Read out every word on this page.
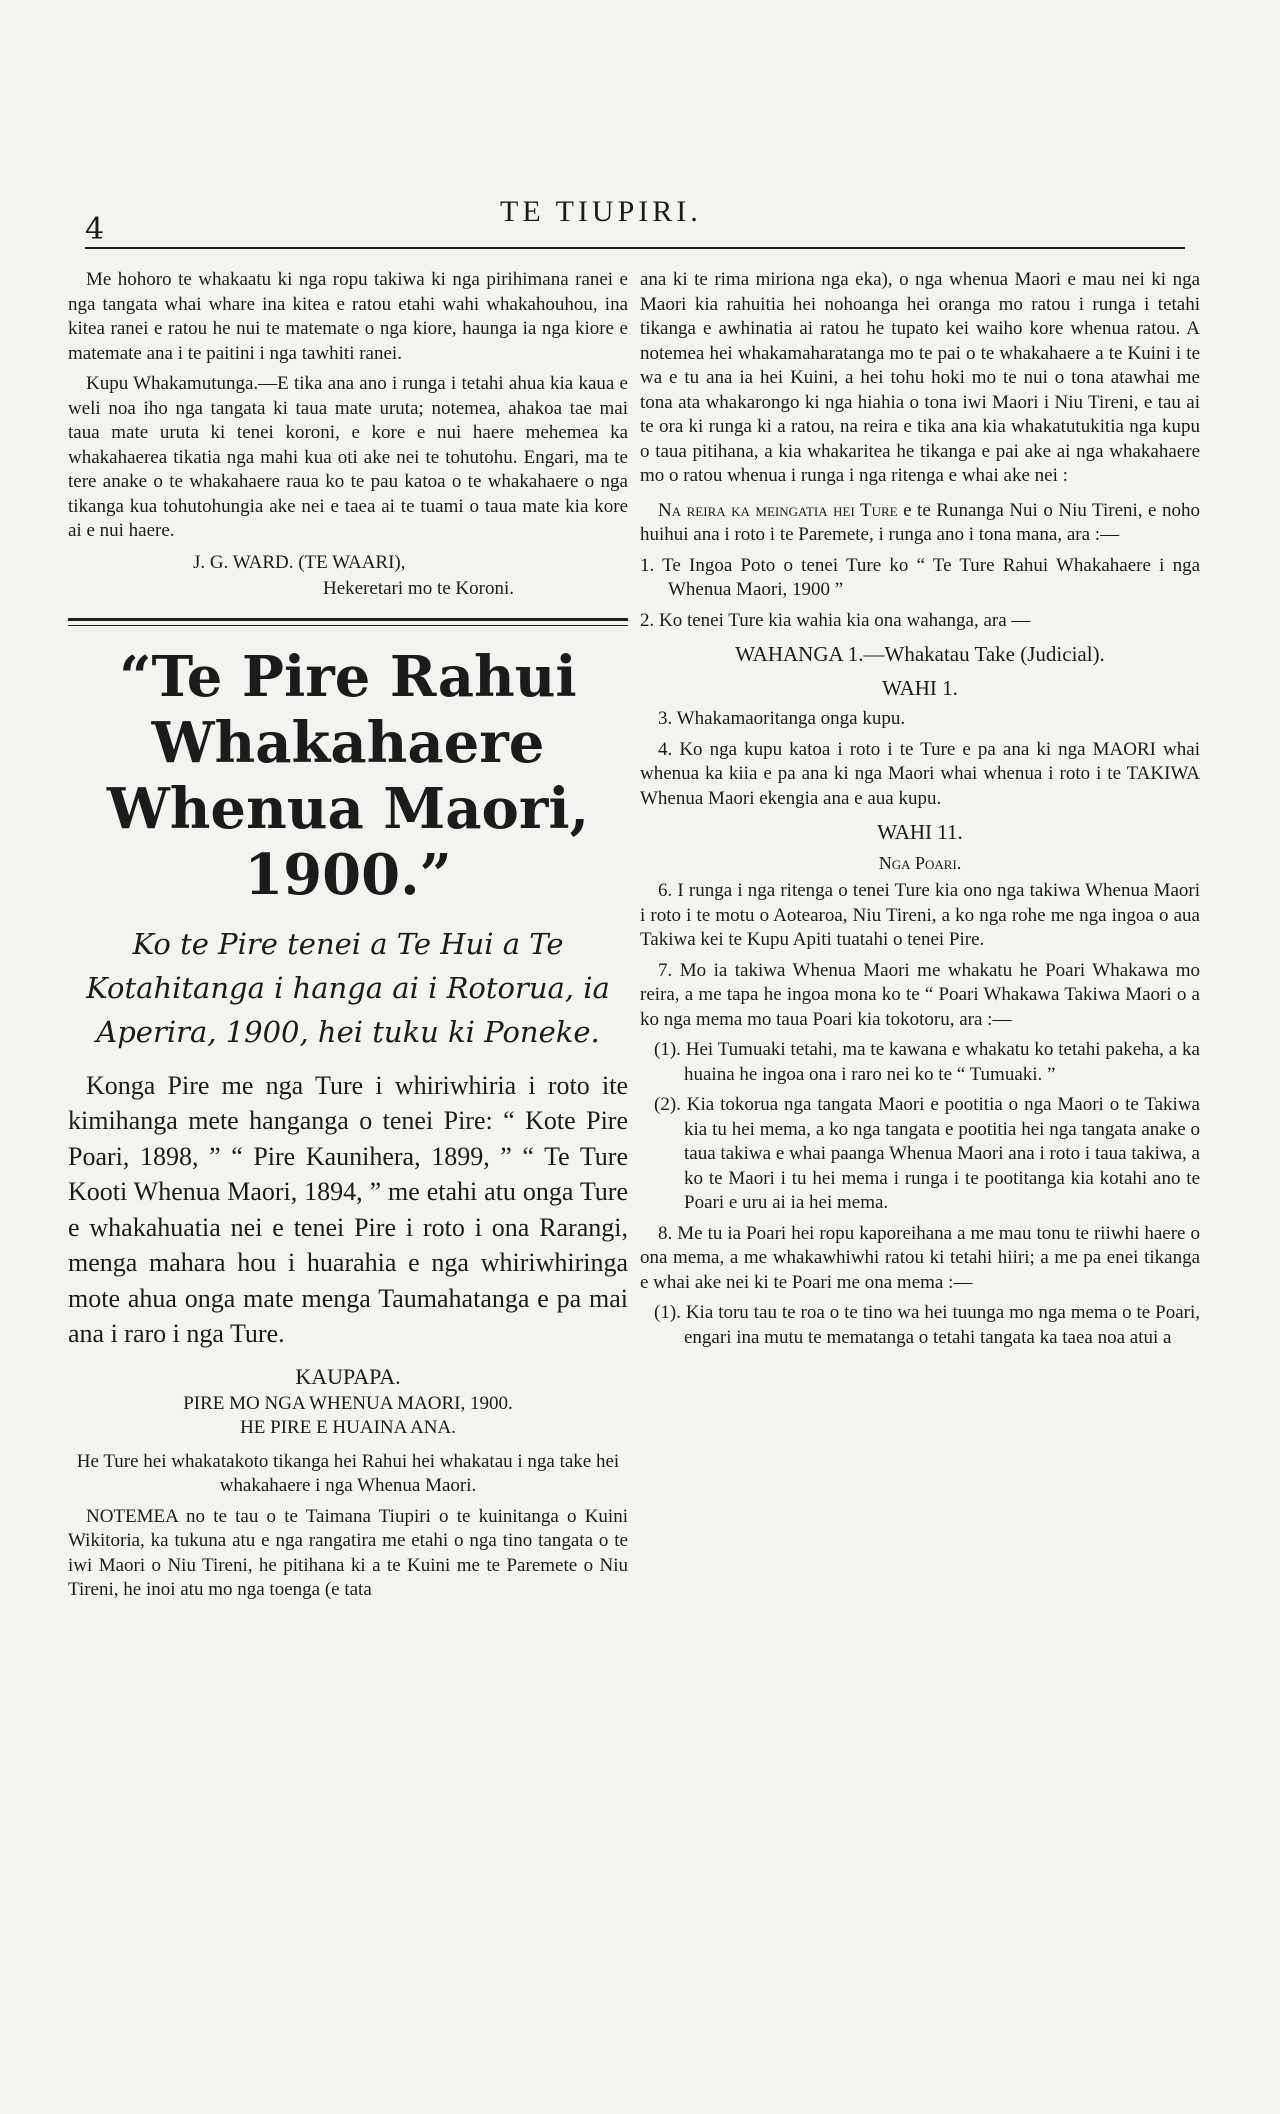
4
TE TIUPIRI.

Me hohoro te whakaatu ki nga ropu takiwa ki nga pirihimana ranei e nga tangata whai whare ina kitea e ratou etahi wahi whakahouhou, ina kitea ranei e ratou he nui te matemate o nga kiore, haunga ia nga kiore e matemate ana i te paitini i nga tawhiti ranei.

Kupu Whakamutunga.—E tika ana ano i runga i tetahi ahua kia kaua e weli noa iho nga tangata ki taua mate uruta; notemea, ahakoa tae mai taua mate uruta ki tenei koroni, e kore e nui haere mehemea ka whakahaerea tikatia nga mahi kua oti ake nei te tohutohu. Engari, ma te tere anake o te whakahaere raua ko te pau katoa o te whakahaere o nga tikanga kua tohutohungia ake nei e taea ai te tuami o taua mate kia kore ai e nui haere.

J. G. WARD. (TE WAARI),
Hekeretari mo te Koroni.
“Te Pire Rahui Whakahaere Whenua Maori, 1900.”
Ko te Pire tenei a Te Hui a Te Kotahitanga i hanga ai i Rotorua, ia Aperira, 1900, hei tuku ki Poneke.

Konga Pire me nga Ture i whiriwhiria i roto ite kimihanga mete hanganga o tenei Pire: “ Kote Pire Poari, 1898, ” “ Pire Kaunihera, 1899, ” “ Te Ture Kooti Whenua Maori, 1894, ” me etahi atu onga Ture e whakahuatia nei e tenei Pire i roto i ona Rarangi, menga mahara hou i huarahia e nga whiriwhiringa mote ahua onga mate menga Taumahatanga e pa mai ana i raro i nga Ture.

KAUPAPA.
PIRE MO NGA WHENUA MAORI, 1900.
HE PIRE E HUAINA ANA.

He Ture hei whakatakoto tikanga hei Rahui hei whakatau i nga take hei whakahaere i nga Whenua Maori.

NOTEMEA no te tau o te Taimana Tiupiri o te kuinitanga o Kuini Wikitoria, ka tukuna atu e nga rangatira me etahi o nga tino tangata o te iwi Maori o Niu Tireni, he pitihana ki a te Kuini me te Paremete o Niu Tireni, he inoi atu mo nga toenga (e tata

ana ki te rima miriona nga eka), o nga whenua Maori e mau nei ki nga Maori kia rahuitia hei nohoanga hei oranga mo ratou i runga i tetahi tikanga e awhinatia ai ratou he tupato kei waiho kore whenua ratou. A notemea hei whakamaharatanga mo te pai o te whakahaere a te Kuini i te wa e tu ana ia hei Kuini, a hei tohu hoki mo te nui o tona atawhai me tona ata whakarongo ki nga hiahia o tona iwi Maori i Niu Tireni, e tau ai te ora ki runga ki a ratou, na reira e tika ana kia whakatutukitia nga kupu o taua pitihana, a kia whakaritea he tikanga e pai ake ai nga whakahaere mo o ratou whenua i runga i nga ritenga e whai ake nei :

Na reira ka meingatia hei Ture e te Runanga Nui o Niu Tireni, e noho huihui ana i roto i te Paremete, i runga ano i tona mana, ara :—

1. Te Ingoa Poto o tenei Ture ko “ Te Ture Rahui Whakahaere i nga Whenua Maori, 1900 ”

2. Ko tenei Ture kia wahia kia ona wahanga, ara —

WAHANGA 1.—Whakatau Take (Judicial).
WAHI 1.

3. Whakamaoritanga onga kupu.

4. Ko nga kupu katoa i roto i te Ture e pa ana ki nga MAORI whai whenua ka kiia e pa ana ki nga Maori whai whenua i roto i te TAKIWA Whenua Maori ekengia ana e aua kupu.

WAHI 11.
Nga Poari.

6. I runga i nga ritenga o tenei Ture kia ono nga takiwa Whenua Maori i roto i te motu o Aotearoa, Niu Tireni, a ko nga rohe me nga ingoa o aua Takiwa kei te Kupu Apiti tuatahi o tenei Pire.

7. Mo ia takiwa Whenua Maori me whakatu he Poari Whakawa mo reira, a me tapa he ingoa mona ko te “ Poari Whakawa Takiwa Maori o a ko nga mema mo taua Poari kia tokotoru, ara :—

(1). Hei Tumuaki tetahi, ma te kawana e whakatu ko tetahi pakeha, a ka huaina he ingoa ona i raro nei ko te “ Tumuaki. ”

(2). Kia tokorua nga tangata Maori e pootitia o nga Maori o te Takiwa kia tu hei mema, a ko nga tangata e pootitia hei nga tangata anake o taua takiwa e whai paanga Whenua Maori ana i roto i taua takiwa, a ko te Maori i tu hei mema i runga i te pootitanga kia kotahi ano te Poari e uru ai ia hei mema.

8. Me tu ia Poari hei ropu kaporeihana a me mau tonu te riiwhi haere o ona mema, a me whakawhiwhi ratou ki tetahi hiiri; a me pa enei tikanga e whai ake nei ki te Poari me ona mema :—

(1). Kia toru tau te roa o te tino wa hei tuunga mo nga mema o te Poari, engari ina mutu te mematanga o tetahi tangata ka taea noa atui a
